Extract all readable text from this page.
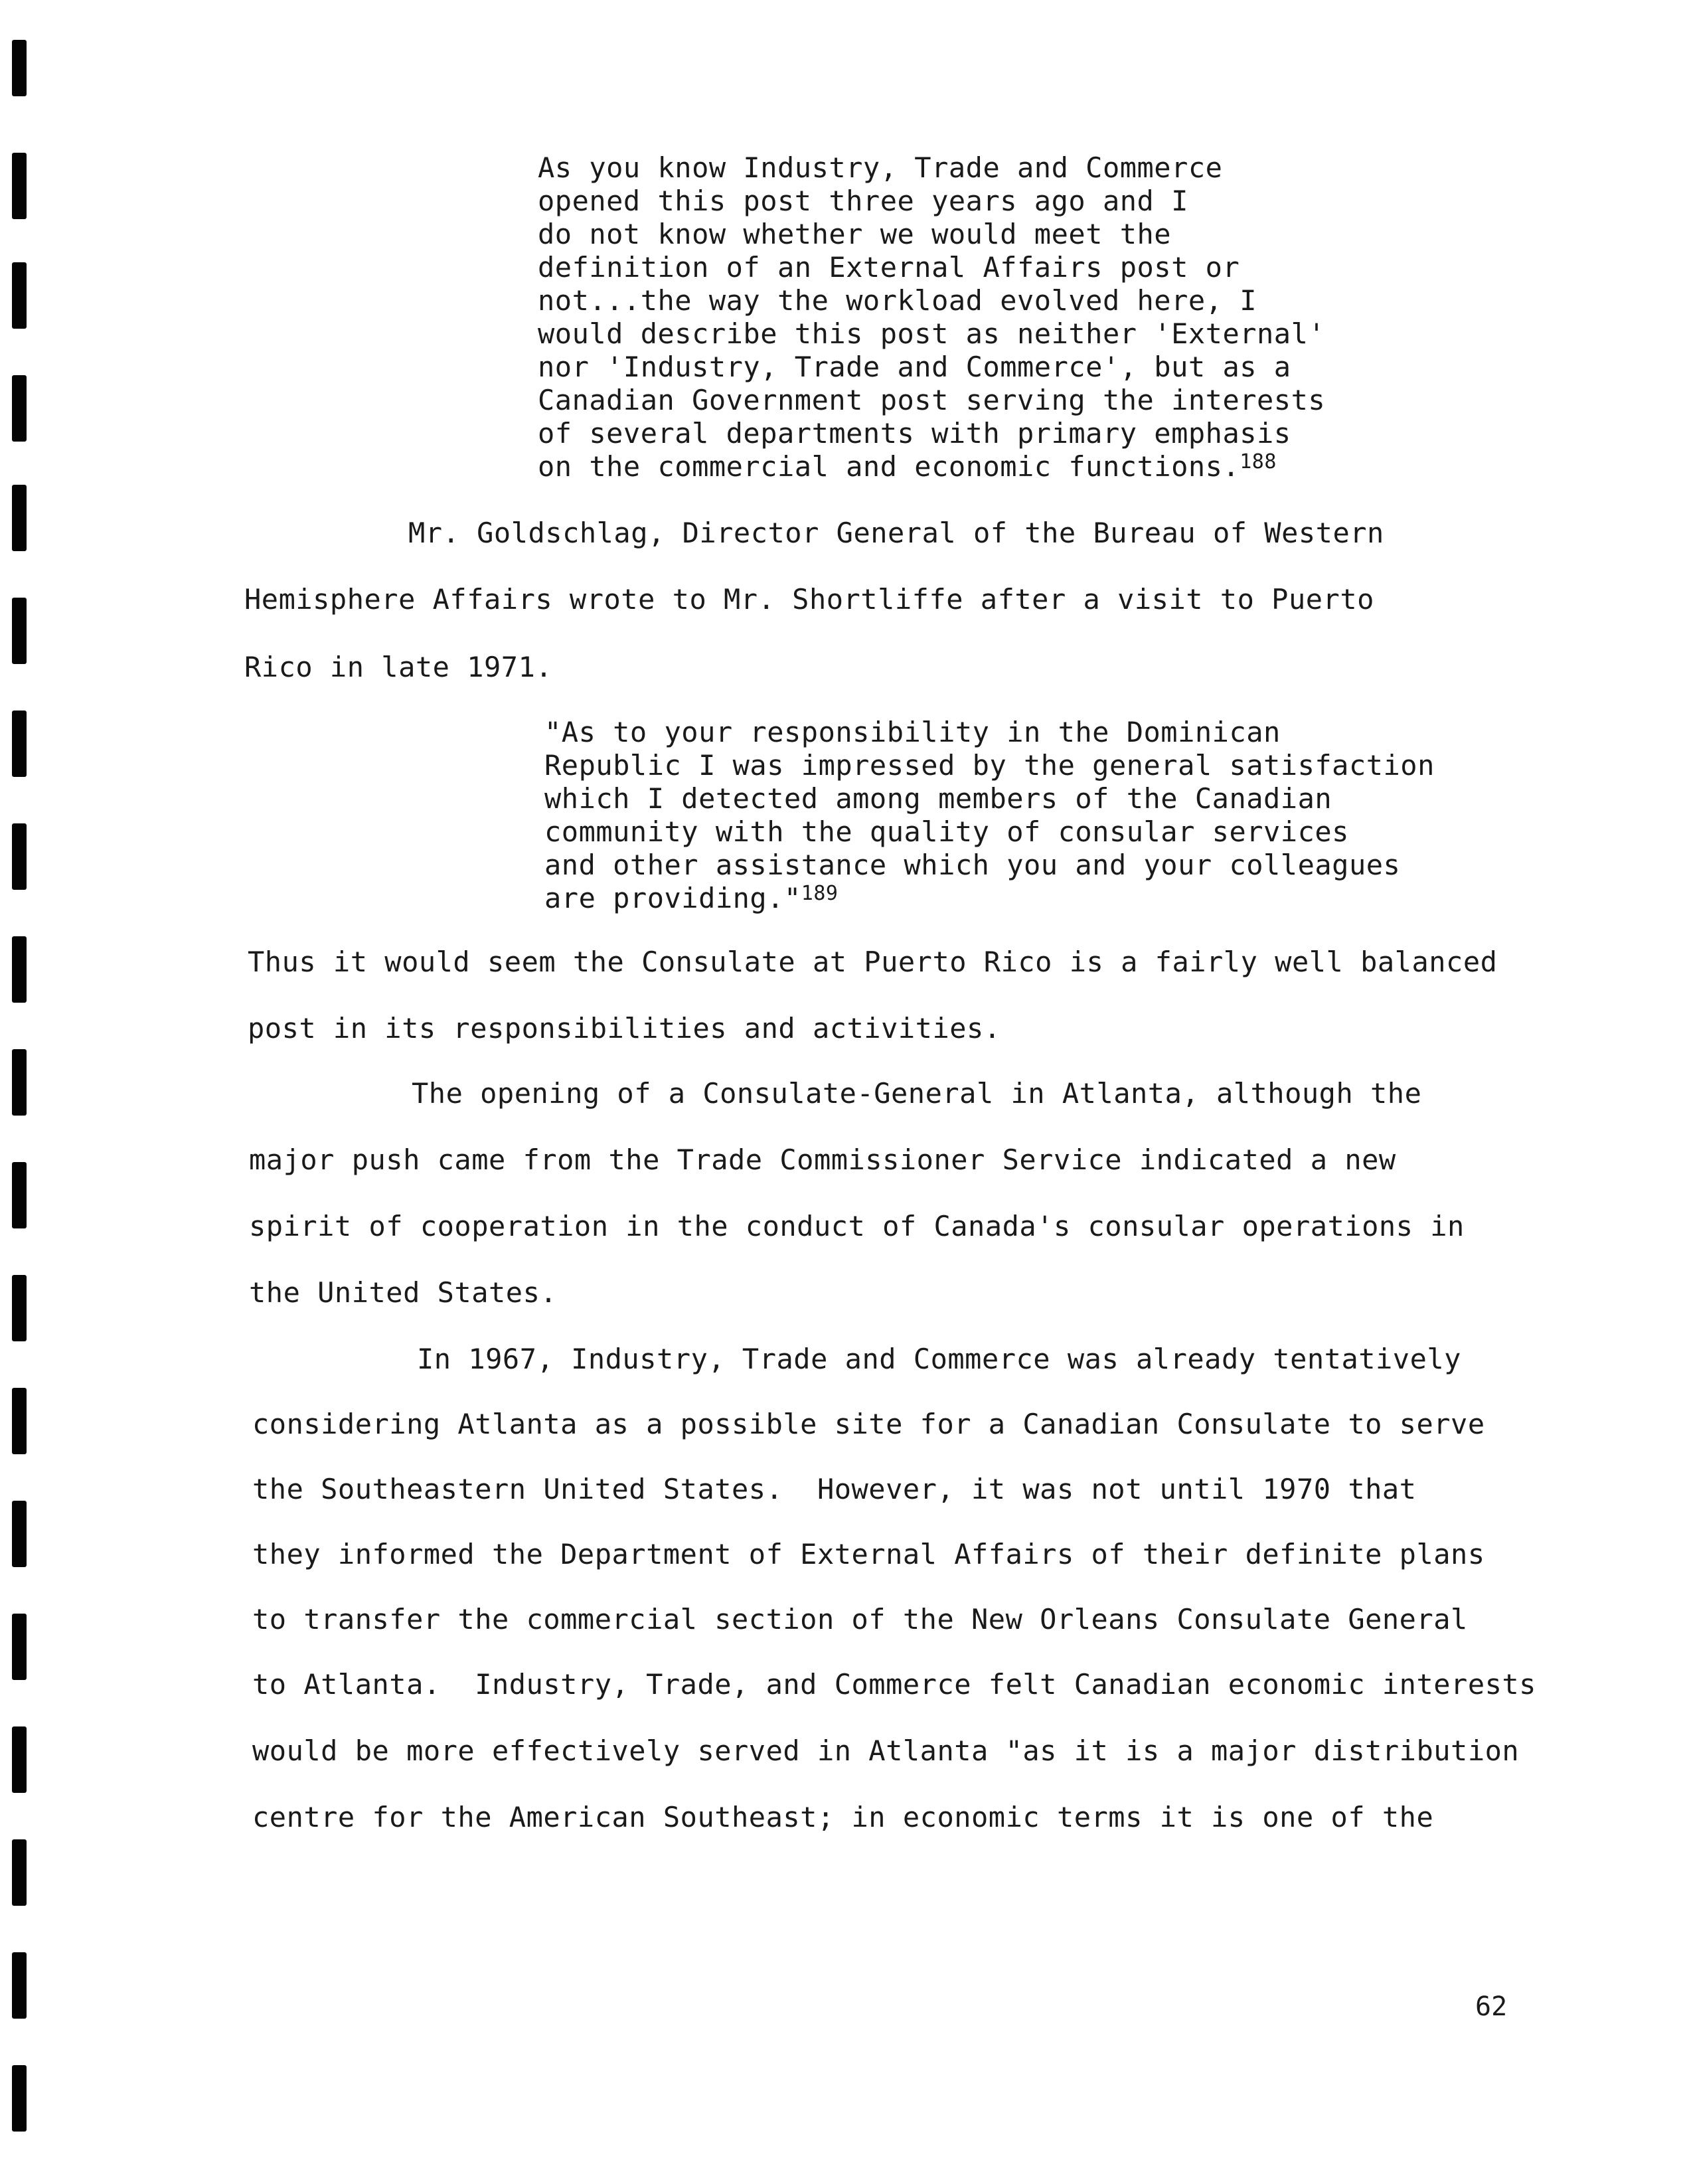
As you know Industry, Trade and Commerce
opened this post three years ago and I
do not know whether we would meet the
definition of an External Affairs post or
not...the way the workload evolved here, I
would describe this post as neither 'External'
nor 'Industry, Trade and Commerce', but as a
Canadian Government post serving the interests
of several departments with primary emphasis
on the commercial and economic functions.$^{188}$
Mr. Goldschlag, Director General of the Bureau of Western
Hemisphere Affairs wrote to Mr. Shortliffe after a visit to Puerto
Rico in late 1971.
"As to your responsibility in the Dominican
Republic I was impressed by the general satisfaction
which I detected among members of the Canadian
community with the quality of consular services
and other assistance which you and your colleagues
are providing."$^{189}$
Thus it would seem the Consulate at Puerto Rico is a fairly well balanced
post in its responsibilities and activities.
The opening of a Consulate-General in Atlanta, although the
major push came from the Trade Commissioner Service indicated a new
spirit of cooperation in the conduct of Canada's consular operations in
the United States.
In 1967, Industry, Trade and Commerce was already tentatively
considering Atlanta as a possible site for a Canadian Consulate to serve
the Southeastern United States.  However, it was not until 1970 that
they informed the Department of External Affairs of their definite plans
to transfer the commercial section of the New Orleans Consulate General
to Atlanta.  Industry, Trade, and Commerce felt Canadian economic interests
would be more effectively served in Atlanta "as it is a major distribution
centre for the American Southeast; in economic terms it is one of the
62
